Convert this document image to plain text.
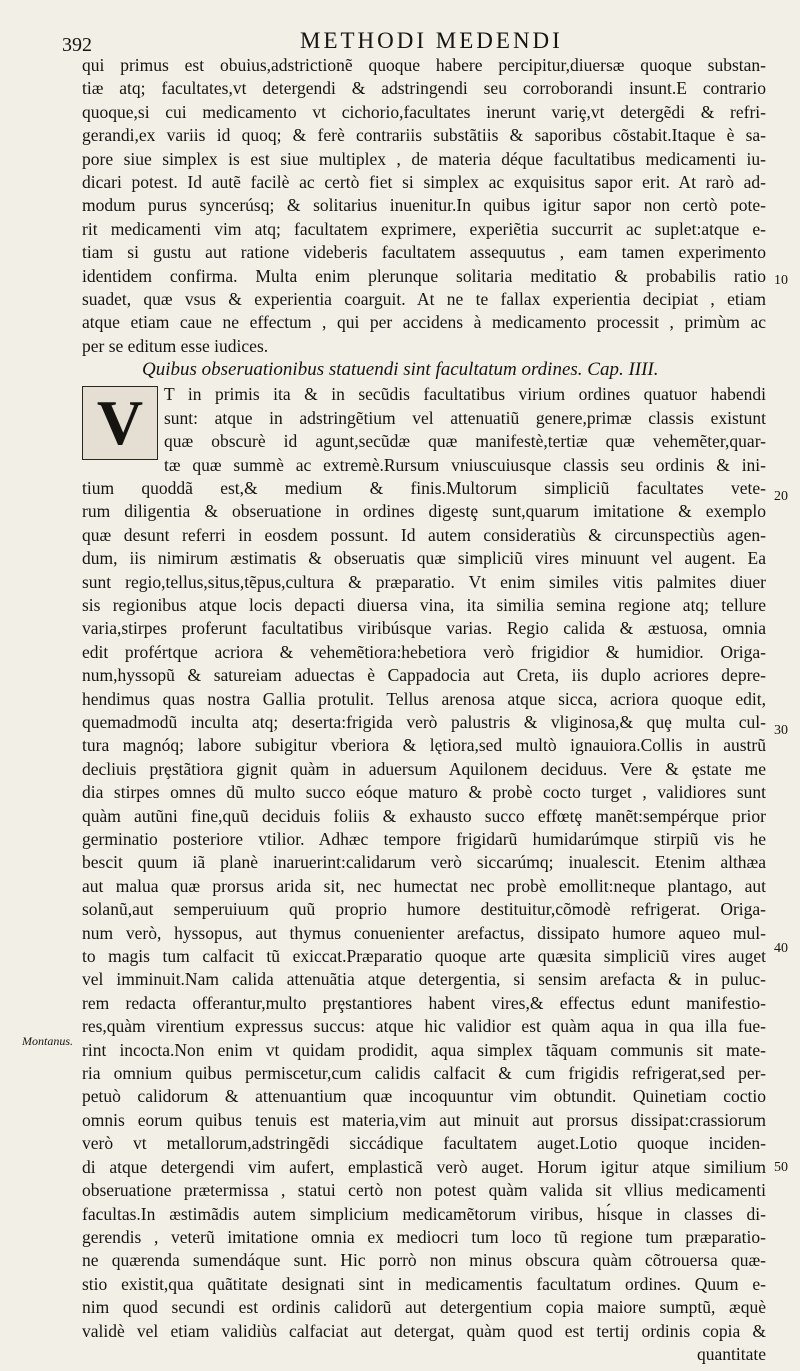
392	METHODI MEDENDI
qui primus est obuius,adstrictionẽ quoque habere percipitur,diuersæ quoque substan-
tiæ atq; facultates,vt detergendi & adstringendi seu corroborandi insunt.E contrario
quoque,si cui medicamento vt cichorio,facultates inerunt variȩ,vt detergẽdi & refri-
gerandi,ex variis id quoq; & ferè contrariis substãtiis & saporibus cõstabit.Itaque è sa-
pore siue simplex is est siue multiplex , de materia déque facultatibus medicamenti iu-
dicari potest. Id autẽ facilè ac certò fiet si simplex ac exquisitus sapor erit. At rarò ad-
modum purus syncerúsq; & solitarius inuenitur.In quibus igitur sapor non certò pote-
rit medicamenti vim atq; facultatem exprimere, experiẽtia succurrit ac suplet:atque e-
tiam si gustu aut ratione videberis facultatem assequutus , eam tamen experimento
identidem confirma. Multa enim plerunque solitaria meditatio & probabilis ratio
suadet, quæ vsus & experientia coarguit. At ne te fallax experientia decipiat , etiam
atque etiam caue ne effectum , qui per accidens à medicamento processit , primùm ac
per se editum esse iudices.
Quibus obseruationibus statuendi sint facultatum ordines. Cap. IIII.
V T in primis ita & in secũdis facultatibus virium ordines quatuor habendi
sunt: atque in adstringẽtium vel attenuatiũ genere,primæ classis existunt
quæ obscurè id agunt,secũdæ quæ manifestè,tertiæ quæ vehemẽter,quar-
tæ quæ summè ac extremè.Rursum vniuscuiusque classis seu ordinis & ini-
tium quoddã est,& medium & finis.Multorum simpliciũ facultates vete-
rum diligentia & obseruatione in ordines digestȩ sunt,quarum imitatione & exemplo
quæ desunt referri in eosdem possunt. Id autem consideratiùs & circunspectiùs agen-
dum, iis nimirum æstimatis & obseruatis quæ simpliciũ vires minuunt vel augent. Ea
sunt regio,tellus,situs,tẽpus,cultura & præparatio. Vt enim similes vitis palmites diuer
sis regionibus atque locis depacti diuersa vina, ita similia semina regione atq; tellure
varia,stirpes proferunt facultatibus viribúsque varias. Regio calida & æstuosa, omnia
edit profértque acriora & vehemẽtiora:hebetiora verò frigidior & humidior. Origa-
num,hyssopũ & satureiam aduectas è Cappadocia aut Creta, iis duplo acriores depre-
hendimus quas nostra Gallia protulit. Tellus arenosa atque sicca, acriora quoque edit,
quemadmodũ inculta atq; deserta:frigida verò palustris & vliginosa,& quȩ multa cul-
tura magnóq; labore subigitur vberiora & lętiora,sed multò ignauiora.Collis in austrũ
decliuis prȩstãtiora gignit quàm in aduersum Aquilonem deciduus. Vere & ȩstate me
dia stirpes omnes dũ multo succo eóque maturo & probè cocto turget , validiores sunt
quàm autũni fine,quũ deciduis foliis & exhausto succo effœtȩ manẽt:sempérque prior
germinatio posteriore vtilior. Adhæc tempore frigidarũ humidarúmque stirpiũ vis he
bescit quum iã planè inaruerint:calidarum verò siccarúmq; inualescit. Etenim althæa
aut malua quæ prorsus arida sit, nec humectat nec probè emollit:neque plantago, aut
solanũ,aut semperuiuum quũ proprio humore destituitur,cõmodè refrigerat. Origa-
num verò, hyssopus, aut thymus conuenienter arefactus, dissipato humore aqueo mul-
to magis tum calfacit tũ exiccat.Præparatio quoque arte quæsita simpliciũ vires auget
vel imminuit.Nam calida attenuãtia atque detergentia, si sensim arefacta & in puluc-
rem redacta offerantur,multo prȩstantiores habent vires,& effectus edunt manifestio-
res,quàm virentium expressus succus: atque hic validior est quàm aqua in qua illa fue-
rint incocta.Non enim vt quidam prodidit, aqua simplex tãquam communis sit mate-
ria omnium quibus permiscetur,cum calidis calfacit & cum frigidis refrigerat,sed per-
petuò calidorum & attenuantium quæ incoquuntur vim obtundit. Quinetiam coctio
omnis eorum quibus tenuis est materia,vim aut minuit aut prorsus dissipat:crassiorum
verò vt metallorum,adstringẽdi siccádique facultatem auget.Lotio quoque inciden-
di atque detergendi vim aufert, emplasticã verò auget. Horum igitur atque similium
obseruatione prætermissa , statui certò non potest quàm valida sit vllius medicamenti
facultas.In æstimãdis autem simplicium medicamẽtorum viribus, hı́sque in classes di-
gerendis , veterũ imitatione omnia ex mediocri tum loco tũ regione tum præparatio-
ne quærenda sumendáque sunt. Hic porrò non minus obscura quàm cõtrouersa quæ-
stio existit,qua quãtitate designati sint in medicamentis facultatum ordines. Quum e-
nim quod secundi est ordinis calidorũ aut detergentium copia maiore sumptũ, æquè
validè vel etiam validiùs calfaciat aut detergat, quàm quod est tertij ordinis copia &
quantitate
10
20
30
40
50
Montanus.
